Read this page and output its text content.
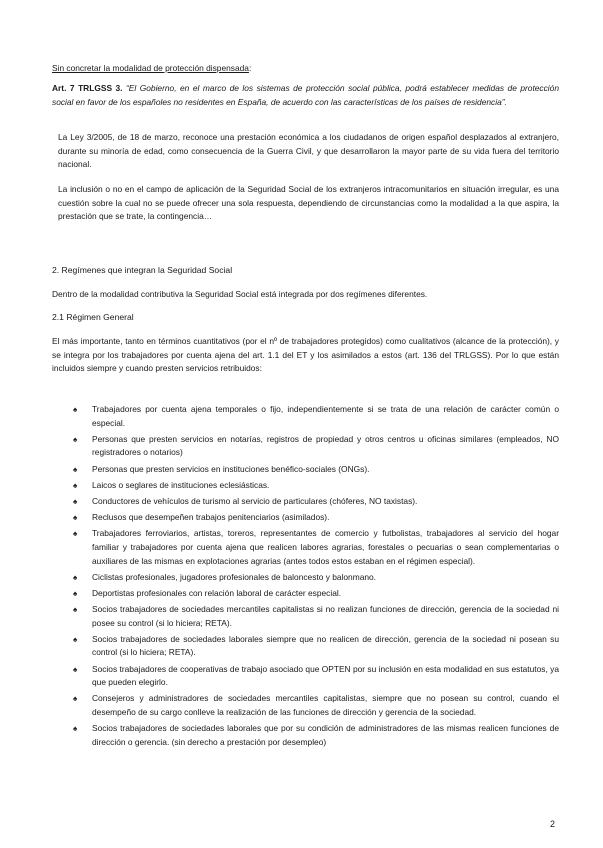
Sin concretar la modalidad de protección dispensada:
Art. 7 TRLGSS 3. “El Gobierno, en el marco de los sistemas de protección social pública, podrá establecer medidas de protección social en favor de los españoles no residentes en España, de acuerdo con las características de los países de residencia”.
La Ley 3/2005, de 18 de marzo, reconoce una prestación económica a los ciudadanos de origen español desplazados al extranjero, durante su minoría de edad, como consecuencia de la Guerra Civil, y que desarrollaron la mayor parte de su vida fuera del territorio nacional.
La inclusión o no en el campo de aplicación de la Seguridad Social de los extranjeros intracomunitarios en situación irregular, es una cuestión sobre la cual no se puede ofrecer una sola respuesta, dependiendo de circunstancias como la modalidad a la que aspira, la prestación que se trate, la contingencia…
2. Regímenes que integran la Seguridad Social
Dentro de la modalidad contributiva la Seguridad Social está integrada por dos regímenes diferentes.
2.1 Régimen General
El más importante, tanto en términos cuantitativos (por el nº de trabajadores protegidos) como cualitativos (alcance de la protección), y se integra por los trabajadores por cuenta ajena del art. 1.1 del ET y los asimilados a estos (art. 136 del TRLGSS). Por lo que están incluidos siempre y cuando presten servicios retribuidos:
♠ Trabajadores por cuenta ajena temporales o fijo, independientemente si se trata de una relación de carácter común o especial.
♠ Personas que presten servicios en notarías, registros de propiedad y otros centros u oficinas similares (empleados, NO registradores o notarios)
♠ Personas que presten servicios en instituciones benéfico-sociales (ONGs).
♠ Laicos o seglares de instituciones eclesiásticas.
♠ Conductores de vehículos de turismo al servicio de particulares (chóferes, NO taxistas).
♠ Reclusos que desempeñen trabajos penitenciarios (asimilados).
♠ Trabajadores ferroviarios, artistas, toreros, representantes de comercio y futbolistas, trabajadores al servicio del hogar familiar y trabajadores por cuenta ajena que realicen labores agrarias, forestales o pecuarias o sean complementarias o auxiliares de las mismas en explotaciones agrarias (antes todos estos estaban en el régimen especial).
♠ Ciclistas profesionales, jugadores profesionales de baloncesto y balonmano.
♠ Deportistas profesionales con relación laboral de carácter especial.
♠ Socios trabajadores de sociedades mercantiles capitalistas si no realizan funciones de dirección, gerencia de la sociedad ni posee su control (si lo hiciera; RETA).
♠ Socios trabajadores de sociedades laborales siempre que no realicen de dirección, gerencia de la sociedad ni posean su control (si lo hiciera; RETA).
♠ Socios trabajadores de cooperativas de trabajo asociado que OPTEN por su inclusión en esta modalidad en sus estatutos, ya que pueden elegirlo.
♠ Consejeros y administradores de sociedades mercantiles capitalistas, siempre que no posean su control, cuando el desempeño de su cargo conlleve la realización de las funciones de dirección y gerencia de la sociedad.
♠ Socios trabajadores de sociedades laborales que por su condición de administradores de las mismas realicen funciones de dirección o gerencia. (sin derecho a prestación por desempleo)
2
